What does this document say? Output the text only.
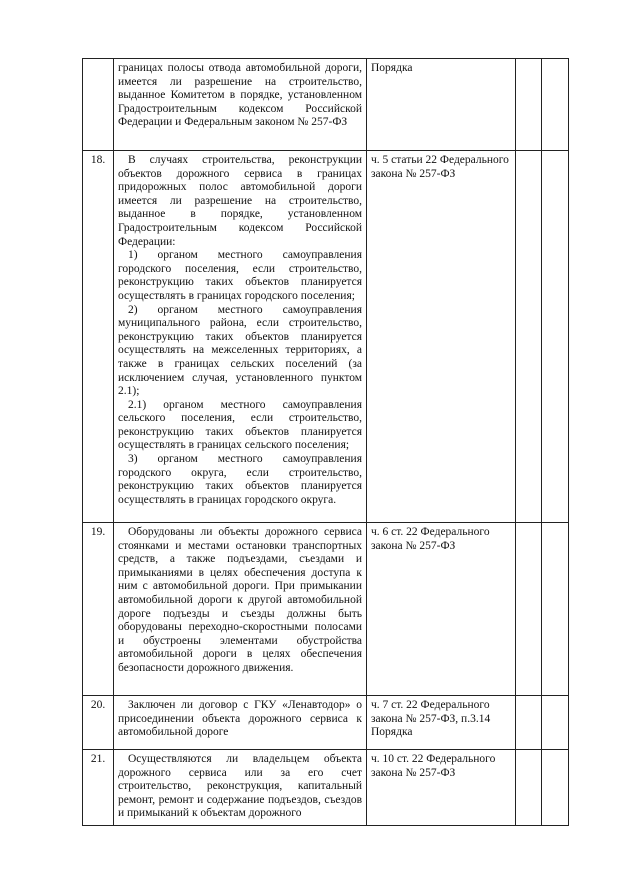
	границах полосы отвода автомобильной дороги, имеется ли разрешение на строительство, выданное Комитетом в порядке, установленном Градостроительным кодексом Российской Федерации и Федеральным законом № 257-ФЗ	Порядка		
18.	В случаях строительства, реконструкции объектов дорожного сервиса в границах придорожных полос автомобильной дороги имеется ли разрешение на строительство, выданное в порядке, установленном Градостроительным кодексом Российской Федерации:
1) органом местного самоуправления городского поселения, если строительство, реконструкцию таких объектов планируется осуществлять в границах городского поселения;
2) органом местного самоуправления муниципального района, если строительство, реконструкцию таких объектов планируется осуществлять на межселенных территориях, а также в границах сельских поселений (за исключением случая, установленного пунктом 2.1);
2.1) органом местного самоуправления сельского поселения, если строительство, реконструкцию таких объектов планируется осуществлять в границах сельского поселения;
3) органом местного самоуправления городского округа, если строительство, реконструкцию таких объектов планируется осуществлять в границах городского округа.	ч. 5 статьи 22 Федерального закона № 257-ФЗ		
19.	Оборудованы ли объекты дорожного сервиса стоянками и местами остановки транспортных средств, а также подъездами, съездами и примыканиями в целях обеспечения доступа к ним с автомобильной дороги. При примыкании автомобильной дороги к другой автомобильной дороге подъезды и съезды должны быть оборудованы переходно-скоростными полосами и обустроены элементами обустройства автомобильной дороги в целях обеспечения безопасности дорожного движения.	ч. 6 ст. 22 Федерального закона № 257-ФЗ		
20.	Заключен ли договор с ГКУ «Ленавтодор» о присоединении объекта дорожного сервиса к автомобильной дороге	ч. 7 ст. 22 Федерального закона № 257-ФЗ, п.3.14 Порядка		
21.	Осуществляются ли владельцем объекта дорожного сервиса или за его счет строительство, реконструкция, капитальный ремонт, ремонт и содержание подъездов, съездов и примыканий к объектам дорожного	ч. 10 ст. 22 Федерального закона № 257-ФЗ		
